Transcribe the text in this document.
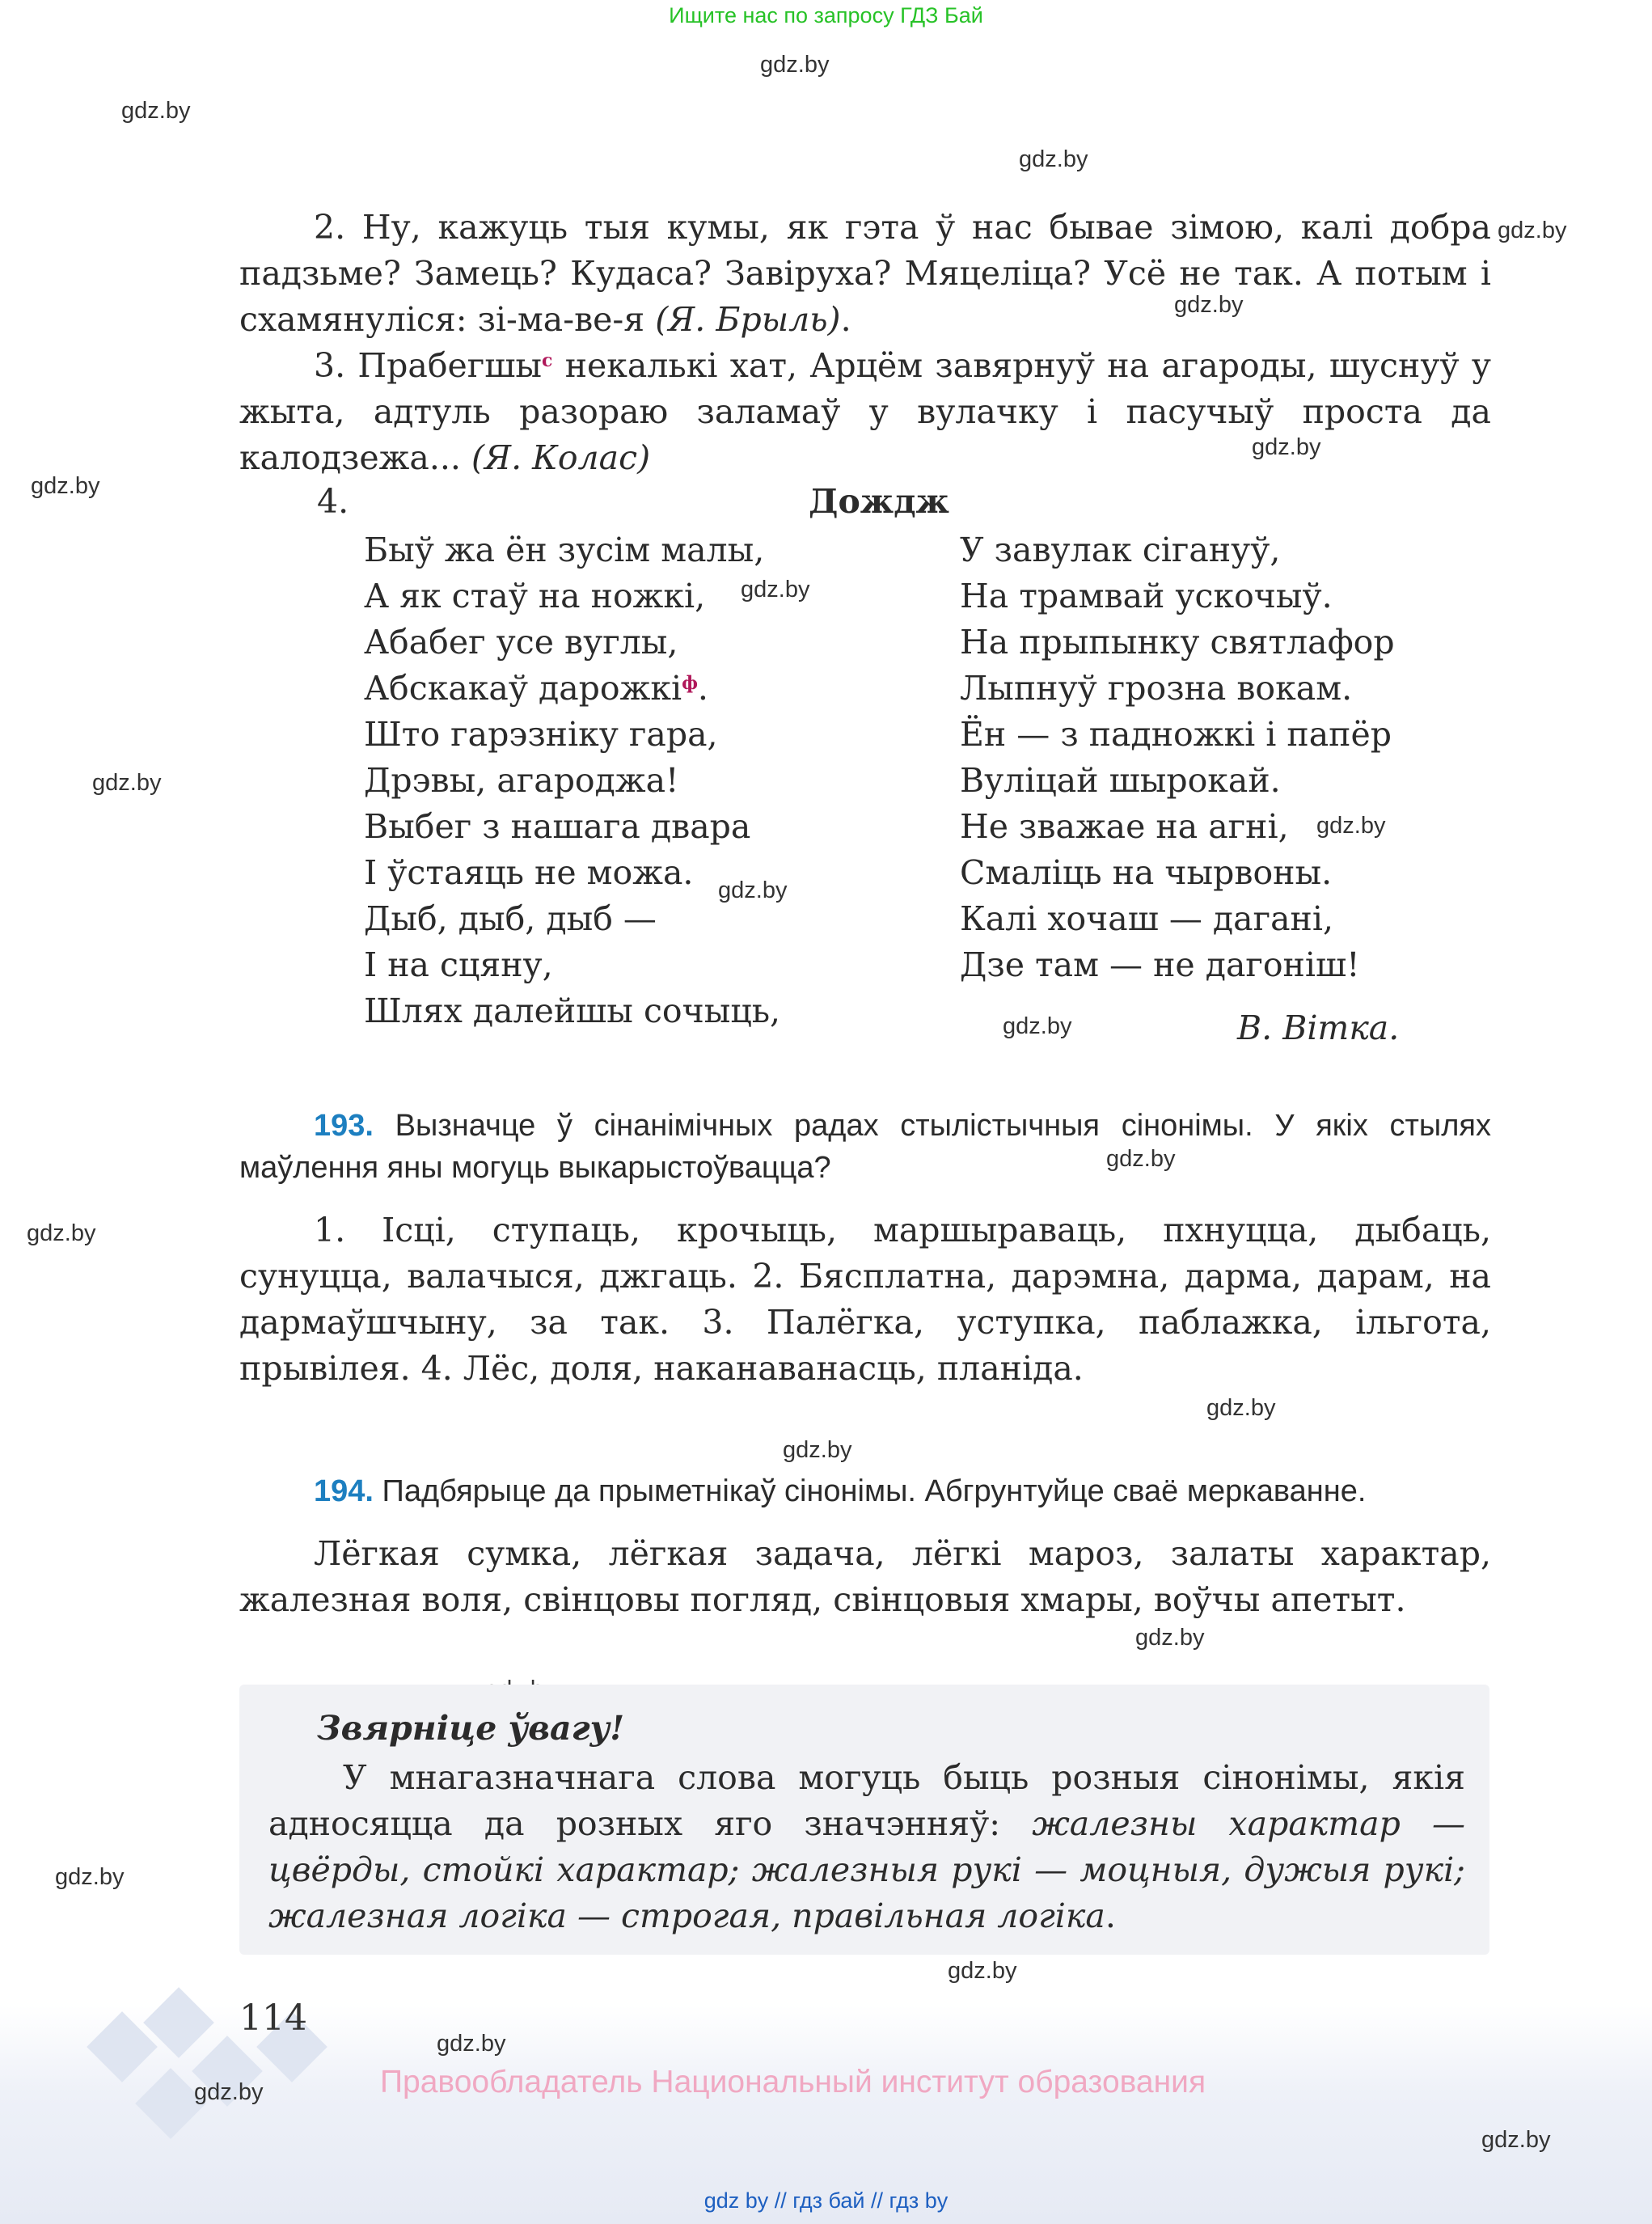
Ищите нас по запросу ГДЗ Бай
gdz.by
gdz.by
gdz.by
gdz.by
gdz.by
gdz.by
gdz.by
gdz.by
gdz.by
gdz.by
gdz.by
gdz.by
gdz.by
gdz.by
gdz.by
gdz.by
gdz.by
gdz.by
gdz.by
2. Ну, кажуць тыя кумы, як гэта ў нас бывае зімою, калі добра падзьме? Замець? Кудаса? Завіруха? Мяцеліца? Усё не так. А потым і схамянуліся: зі-ма-ве-я (Я. Брыль).
3. Прабегшы$^с$ некалькі хат, Арцём завярнуў на агароды, шуснуў у жыта, адтуль разораю заламаў у вулачку і пасучыў проста да калодзежа... (Я. Колас)
4.	Дождж
Быў жа ён зусім малы,
А як стаў на ножкі,
Абабег усе вуглы,
Абскакаў дарожкі$^ф$.
Што гарэзніку гара,
Дрэвы, агароджа!
Выбег з нашага двара
І ўстаяць не можа.
Дыб, дыб, дыб —
І на сцяну,
Шлях далейшы сочыць,
У завулак сігануў,
На трамвай ускочыў.
На прыпынку святлафор
Лыпнуў грозна вокам.
Ён — з падножкі і папёр
Вуліцай шырокай.
Не зважае на агні,
Смаліць на чырвоны.
Калі хочаш — дагані,
Дзе там — не дагоніш!
В. Вітка.
193. Вызначце ў сінанімічных радах стылістычныя сінонімы. У якіх стылях маўлення яны могуць выкарыстоўвацца?
1. Ісці, ступаць, крочыць, маршыраваць, пхнуцца, дыбаць, сунуцца, валачыся, джгаць. 2. Бясплатна, дарэмна, дарма, дарам, на дармаўшчыну, за так. 3. Палёгка, уступка, паблажка, ільгота, прывілея. 4. Лёс, доля, наканаванасць, планіда.
194. Падбярыце да прыметнікаў сінонімы. Абгрунтуйце сваё меркаванне.
Лёгкая сумка, лёгкая задача, лёгкі мароз, залаты характар, жалезная воля, свінцовы погляд, свінцовыя хмары, воўчы апетыт.
Звярніце ўвагу!
У мнагазначнага слова могуць быць розныя сінонімы, якія адносяцца да розных яго значэнняў: жалезны характар — цвёрды, стойкі характар; жалезныя рукі — моцныя, дужыя рукі; жалезная логіка — строгая, правільная логіка.
114
gdz.by
gdz.by	Правообладатель Национальный институт образования
gdz.by
gdz by // гдз бай // гдз by
